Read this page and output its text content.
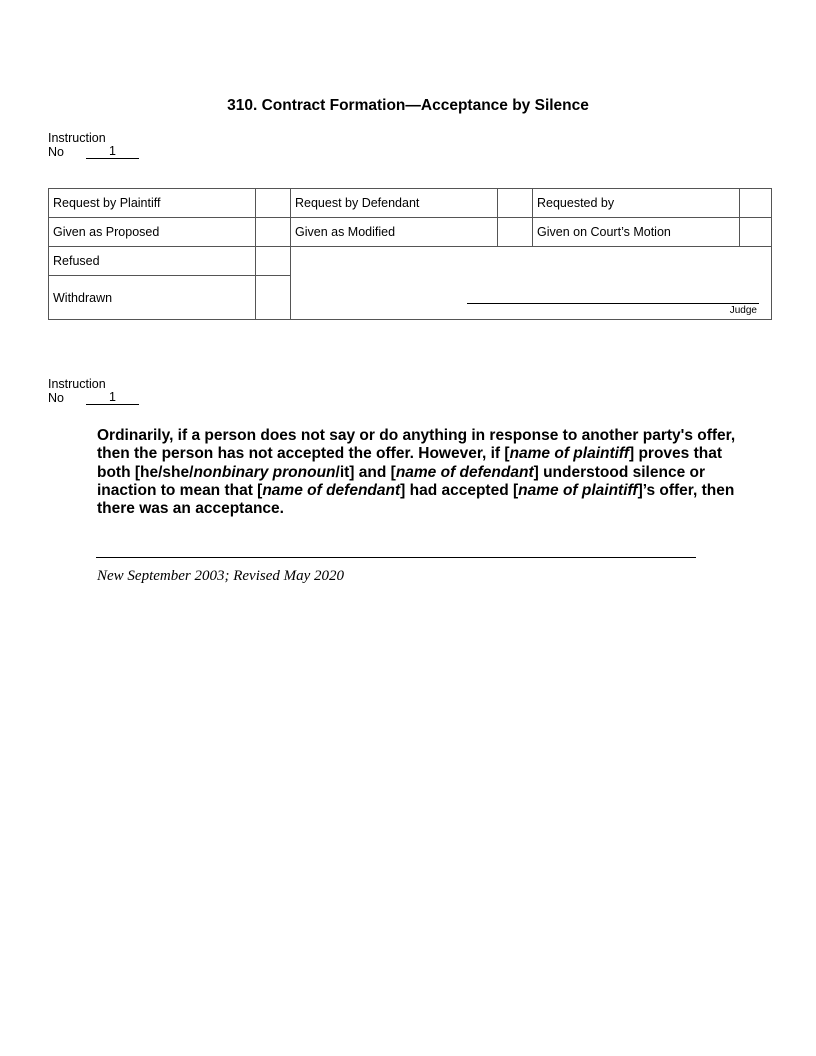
310. Contract Formation—Acceptance by Silence
Instruction
No	1
Request by Plaintiff		Request by Defendant		Requested by	
Given as Proposed		Given as Modified		Given on Court’s Motion	
Refused		Judge			

Withdrawn					
Instruction
No	1
Ordinarily, if a person does not say or do anything in response to another party's offer, then the person has not accepted the offer. However, if [name of plaintiff] proves that both [he/she/nonbinary pronoun/it] and [name of defendant] understood silence or inaction to mean that [name of defendant] had accepted [name of plaintiff]’s offer, then there was an acceptance.
New September 2003; Revised May 2020
